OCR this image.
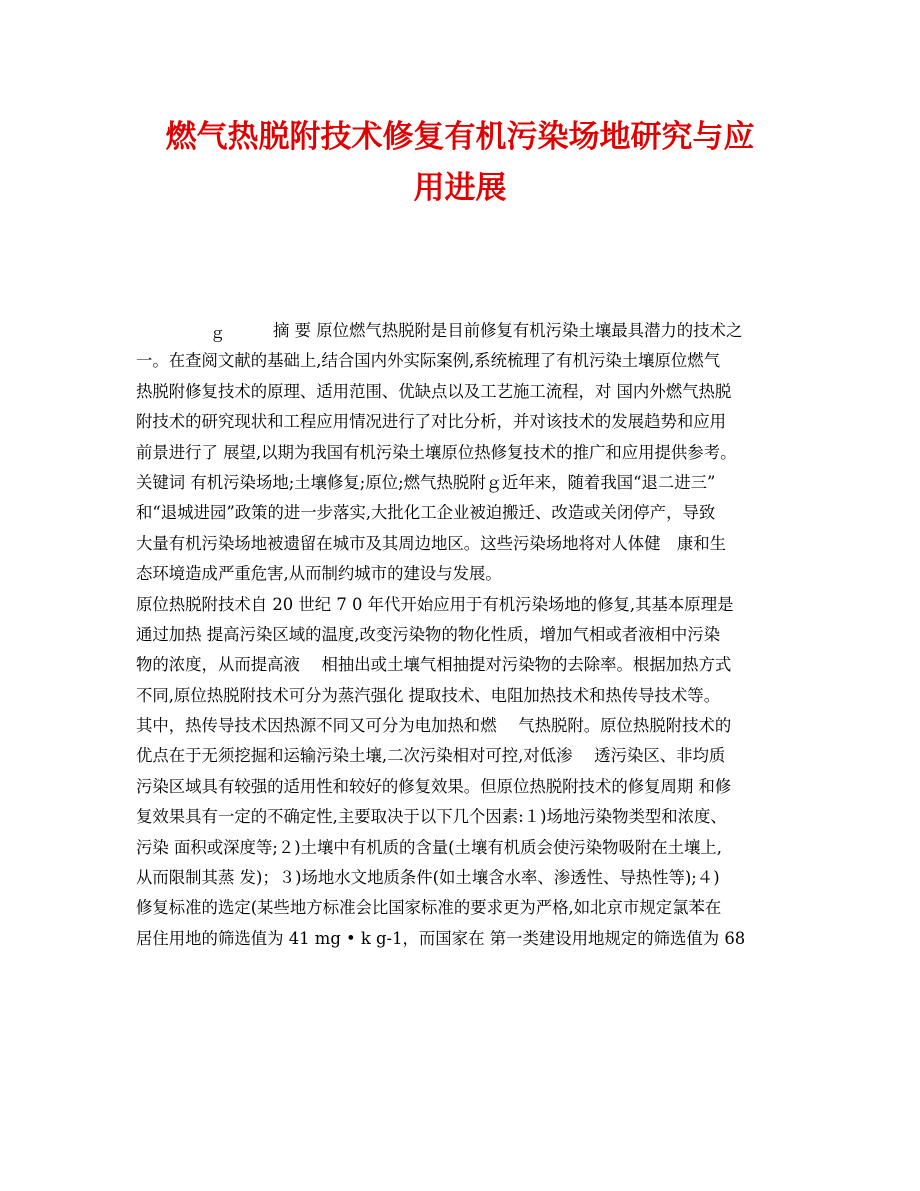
燃气热脱附技术修复有机污染场地研究与应
用进展
ｇ	摘 要 原位燃气热脱附是目前修复有机污染土壤最具潜力的技术之
一。在查阅文献的基础上,结合国内外实际案例,系统梳理了有机污染土壤原位燃气
热脱附修复技术的原理、适用范围、优缺点以及工艺施工流程，对 国内外燃气热脱
附技术的研究现状和工程应用情况进行了对比分析，并对该技术的发展趋势和应用
前景进行了 展望,以期为我国有机污染土壤原位热修复技术的推广和应用提供参考。
关键词 有机污染场地;土壤修复;原位;燃气热脱附ｇ近年来，随着我国“退二进三”
和“退城进园”政策的进一步落实,大批化工企业被迫搬迁、改造或关闭停产，导致
大量有机污染场地被遗留在城市及其周边地区。这些污染场地将对人体健　康和生
态环境造成严重危害,从而制约城市的建设与发展。
原位热脱附技术自 20 世纪 7 0 年代开始应用于有机污染场地的修复,其基本原理是
通过加热 提高污染区域的温度,改变污染物的物化性质，增加气相或者液相中污染
物的浓度，从而提高液　 相抽出或土壤气相抽提对污染物的去除率。根据加热方式
不同,原位热脱附技术可分为蒸汽强化 提取技术、电阻加热技术和热传导技术等。
其中，热传导技术因热源不同又可分为电加热和燃　 气热脱附。原位热脱附技术的
优点在于无须挖掘和运输污染土壤,二次污染相对可控,对低渗　 透污染区、非均质
污染区域具有较强的适用性和较好的修复效果。但原位热脱附技术的修复周期 和修
复效果具有一定的不确定性,主要取决于以下几个因素:１)场地污染物类型和浓度、
污染 面积或深度等;２)土壤中有机质的含量(土壤有机质会使污染物吸附在土壤上,
从而限制其蒸 发)；３)场地水文地质条件(如土壤含水率、渗透性、导热性等);４)
修复标准的选定(某些地方标准会比国家标准的要求更为严格,如北京市规定氯苯在
居住用地的筛选值为 41 mg • k g-1，而国家在 第一类建设用地规定的筛选值为 68
